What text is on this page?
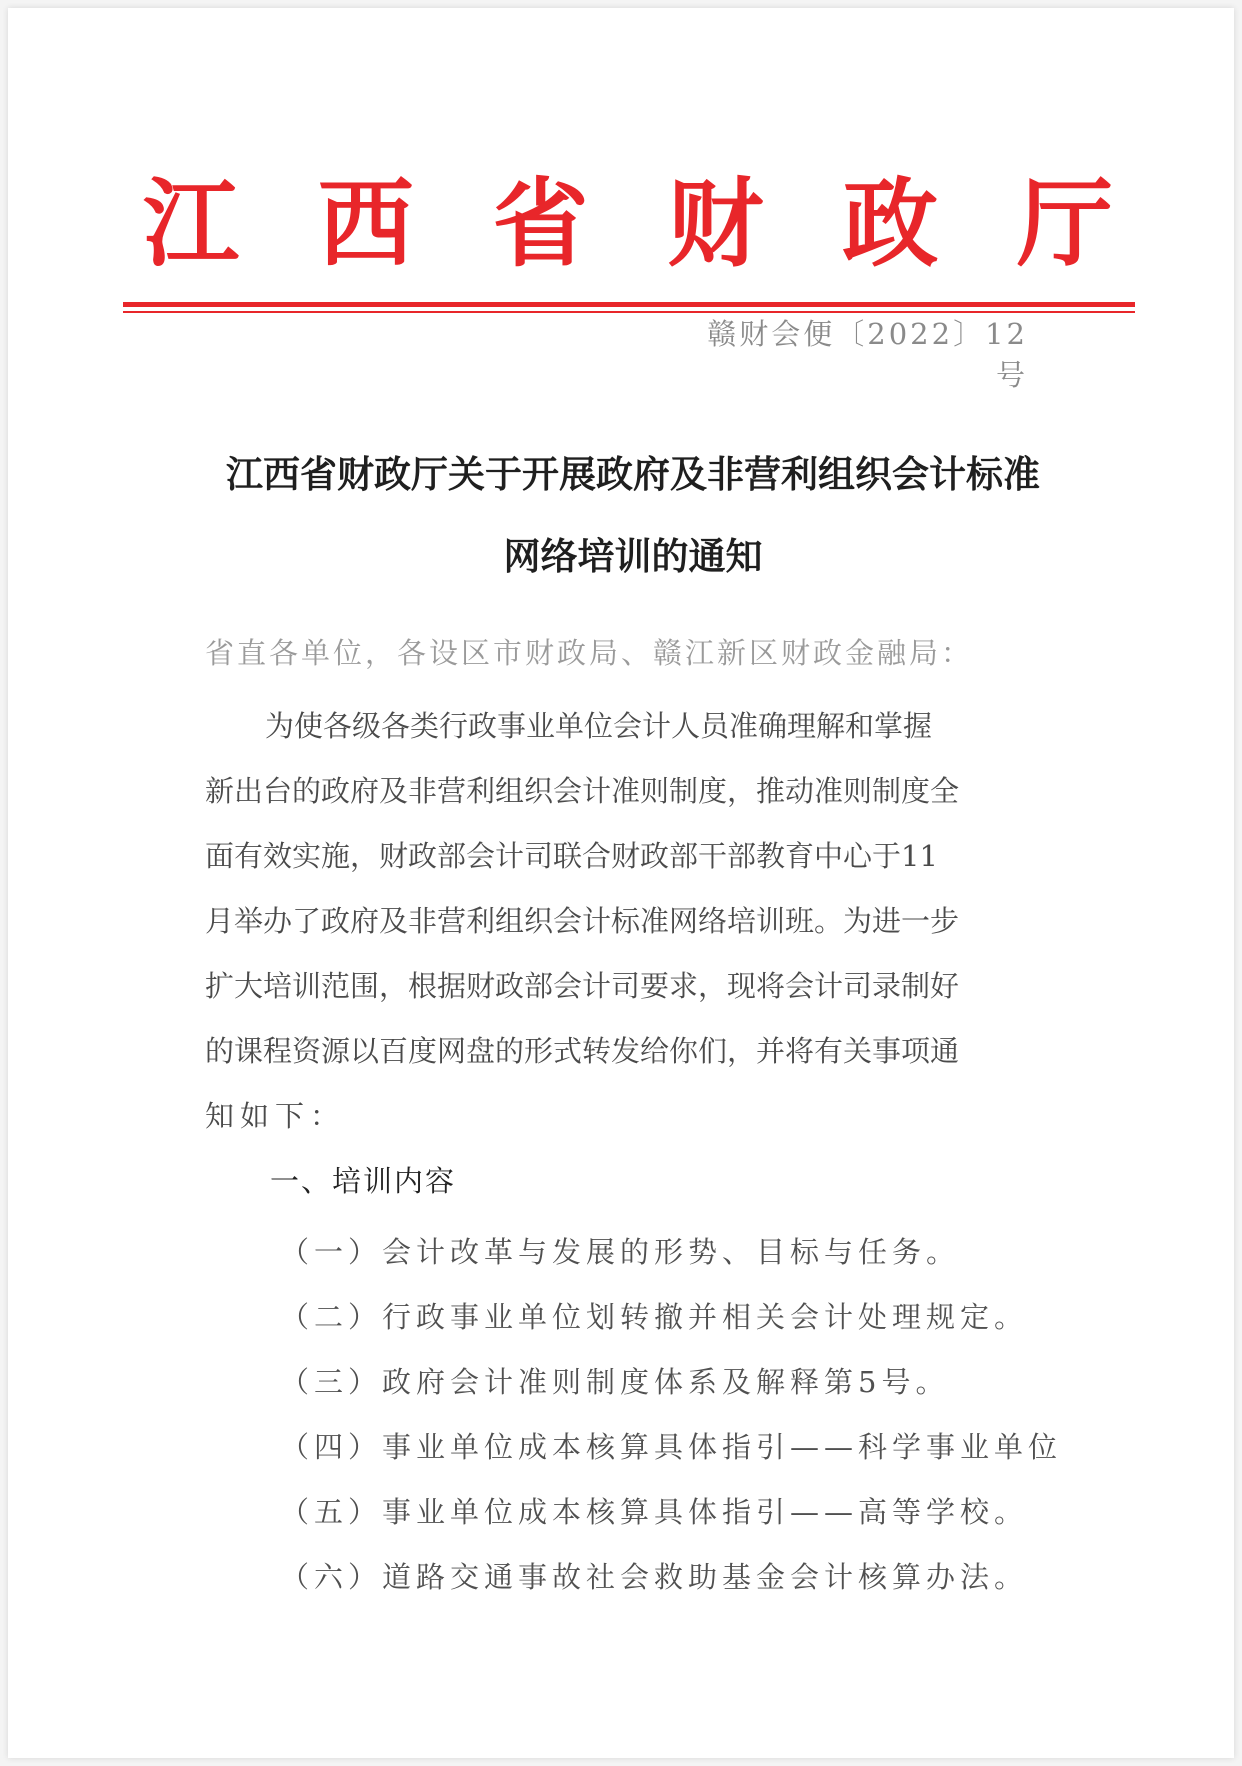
江 西 省 财 政 厅
赣财会便〔2022〕12号
江西省财政厅关于开展政府及非营利组织会计标准
网络培训的通知
省直各单位，各设区市财政局、赣江新区财政金融局：
为使各级各类行政事业单位会计人员准确理解和掌握
新出台的政府及非营利组织会计准则制度，推动准则制度全
面有效实施，财政部会计司联合财政部干部教育中心于11
月举办了政府及非营利组织会计标准网络培训班。为进一步
扩大培训范围，根据财政部会计司要求，现将会计司录制好
的课程资源以百度网盘的形式转发给你们，并将有关事项通
知如下：
一、培训内容
（一）会计改革与发展的形势、目标与任务。
（二）行政事业单位划转撤并相关会计处理规定。
（三）政府会计准则制度体系及解释第5号。
（四）事业单位成本核算具体指引——科学事业单位
（五）事业单位成本核算具体指引——高等学校。
（六）道路交通事故社会救助基金会计核算办法。
